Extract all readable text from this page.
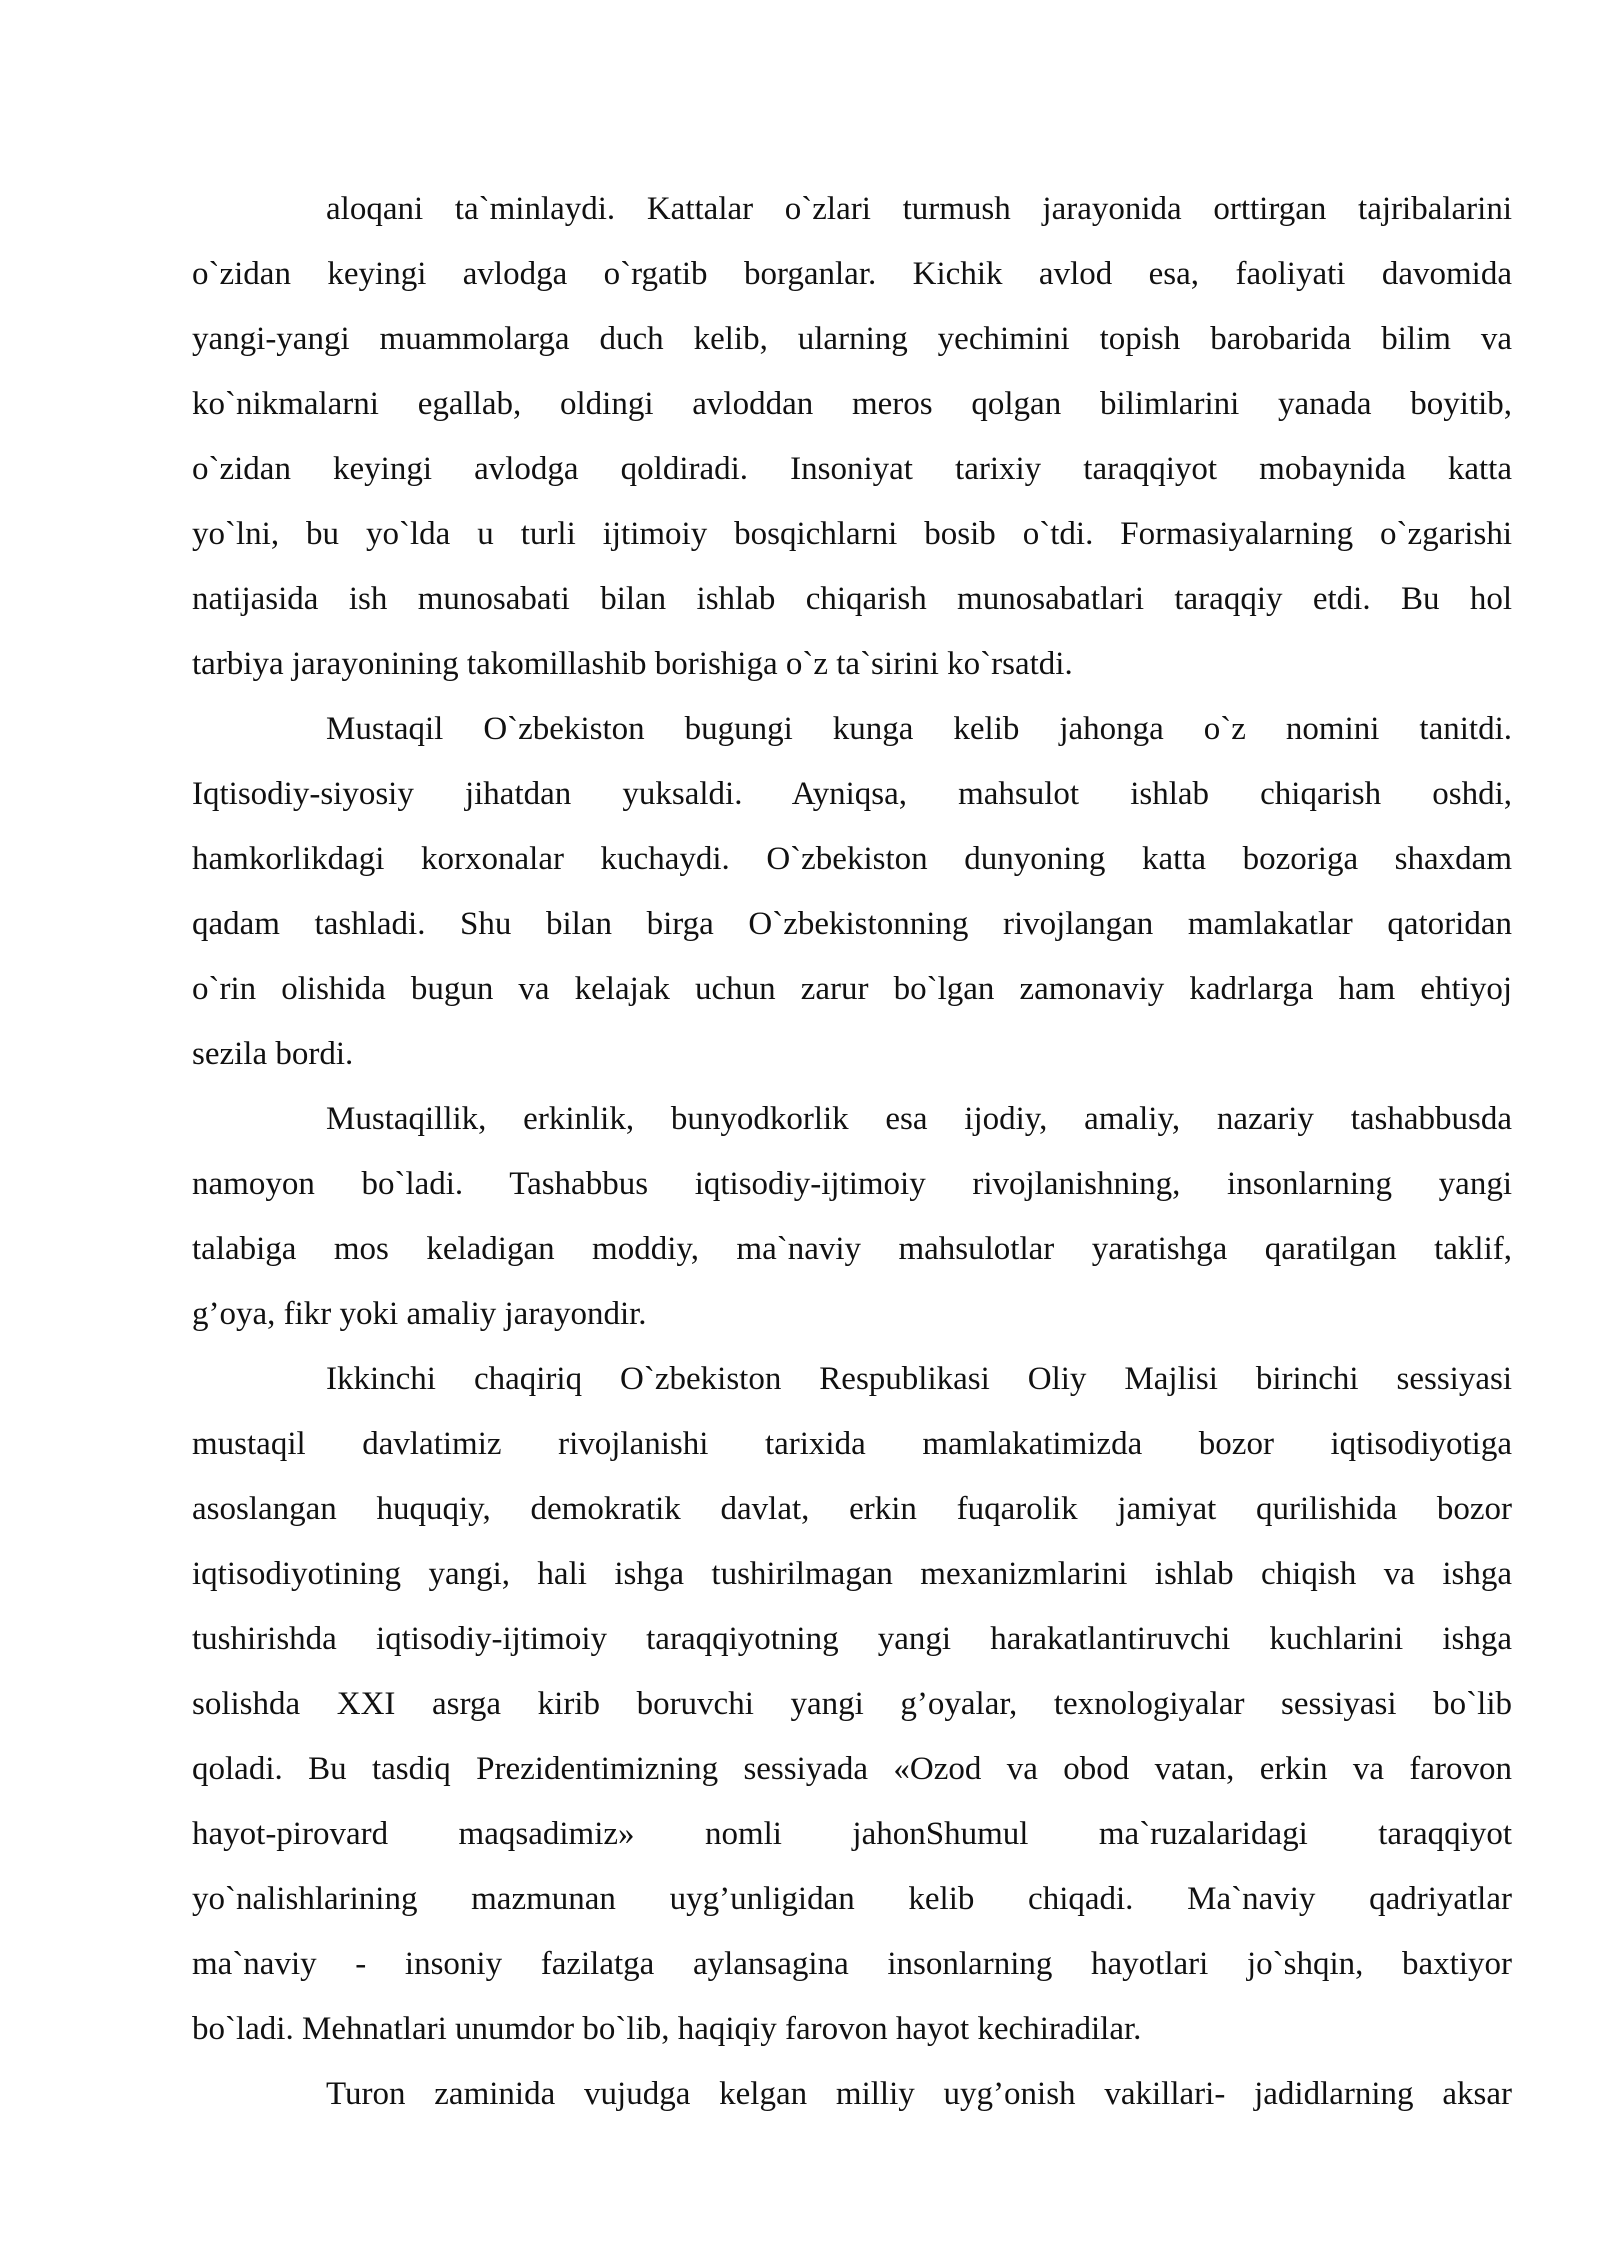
aloqani ta`minlaydi. Kattalar o`zlari turmush jarayonida orttirgan tajribalarini
o`zidan keyingi avlodga o`rgatib borganlar. Kichik avlod esa, faoliyati davomida
yangi-yangi muammolarga duch kelib, ularning yechimini topish barobarida bilim va
ko`nikmalarni egallab, oldingi avloddan meros qolgan bilimlarini yanada boyitib,
o`zidan keyingi avlodga qoldiradi. Insoniyat tarixiy taraqqiyot mobaynida katta
yo`lni, bu yo`lda u turli ijtimoiy bosqichlarni bosib o`tdi. Formasiyalarning o`zgarishi
natijasida ish munosabati bilan ishlab chiqarish munosabatlari taraqqiy etdi. Bu hol
tarbiya jarayonining takomillashib borishiga o`z ta`sirini ko`rsatdi.
Mustaqil O`zbekiston bugungi kunga kelib jahonga o`z nomini tanitdi.
Iqtisodiy-siyosiy jihatdan yuksaldi. Ayniqsa, mahsulot ishlab chiqarish oshdi,
hamkorlikdagi korxonalar kuchaydi. O`zbekiston dunyoning katta bozoriga shaxdam
qadam tashladi. Shu bilan birga O`zbekistonning rivojlangan mamlakatlar qatoridan
o`rin olishida bugun va kelajak uchun zarur bo`lgan zamonaviy kadrlarga ham ehtiyoj
sezila bordi.
Mustaqillik, erkinlik, bunyodkorlik esa ijodiy, amaliy, nazariy tashabbusda
namoyon bo`ladi. Tashabbus iqtisodiy-ijtimoiy rivojlanishning, insonlarning yangi
talabiga mos keladigan moddiy, ma`naviy mahsulotlar yaratishga qaratilgan taklif,
g’oya, fikr yoki amaliy jarayondir.
Ikkinchi chaqiriq O`zbekiston Respublikasi Oliy Majlisi birinchi sessiyasi
mustaqil davlatimiz rivojlanishi tarixida mamlakatimizda bozor iqtisodiyotiga
asoslangan huquqiy, demokratik davlat, erkin fuqarolik jamiyat qurilishida bozor
iqtisodiyotining yangi, hali ishga tushirilmagan mexanizmlarini ishlab chiqish va ishga
tushirishda iqtisodiy-ijtimoiy taraqqiyotning yangi harakatlantiruvchi kuchlarini ishga
solishda XXI asrga kirib boruvchi yangi g’oyalar, texnologiyalar sessiyasi bo`lib
qoladi. Bu tasdiq Prezidentimizning sessiyada «Ozod va obod vatan, erkin va farovon
hayot-pirovard maqsadimiz» nomli jahonShumul ma`ruzalaridagi taraqqiyot
yo`nalishlarining mazmunan uyg’unligidan kelib chiqadi. Ma`naviy qadriyatlar
ma`naviy - insoniy fazilatga aylansagina insonlarning hayotlari jo`shqin, baxtiyor
bo`ladi. Mehnatlari unumdor bo`lib, haqiqiy farovon hayot kechiradilar.
Turon zaminida vujudga kelgan milliy uyg’onish vakillari- jadidlarning aksar
